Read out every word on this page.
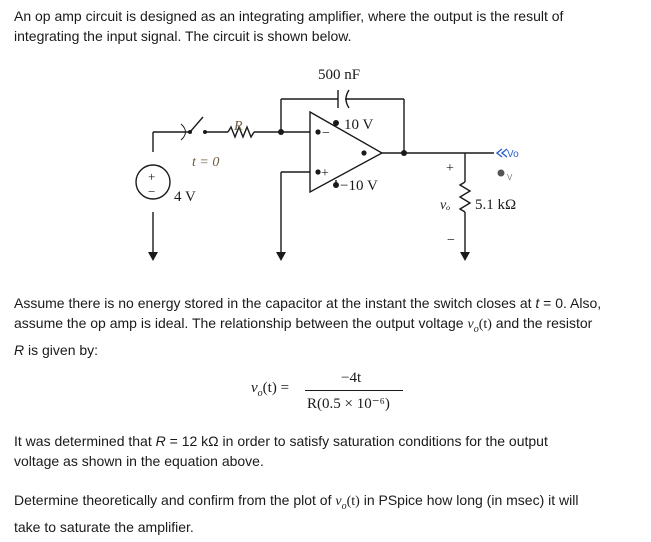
An op amp circuit is designed as an integrating amplifier, where the output is the result of
integrating the input signal. The circuit is shown below.
500 nF
10 V
−10 V
R
t = 0
4 V
+
−
−
+	+
−
vₒ 5.1 kΩ
Vo
V
Assume there is no energy stored in the capacitor at the instant the switch closes at t = 0. Also,
assume the op amp is ideal. The relationship between the output voltage $v_o(t)$ and the resistor
R is given by:
$v_o(t)$ =
−4t
R(0.5 × 10⁻⁶)
It was determined that R = 12 kΩ in order to satisfy saturation conditions for the output
voltage as shown in the equation above.
Determine theoretically and confirm from the plot of $v_o(t)$ in PSpice how long (in msec) it will
take to saturate the amplifier.
